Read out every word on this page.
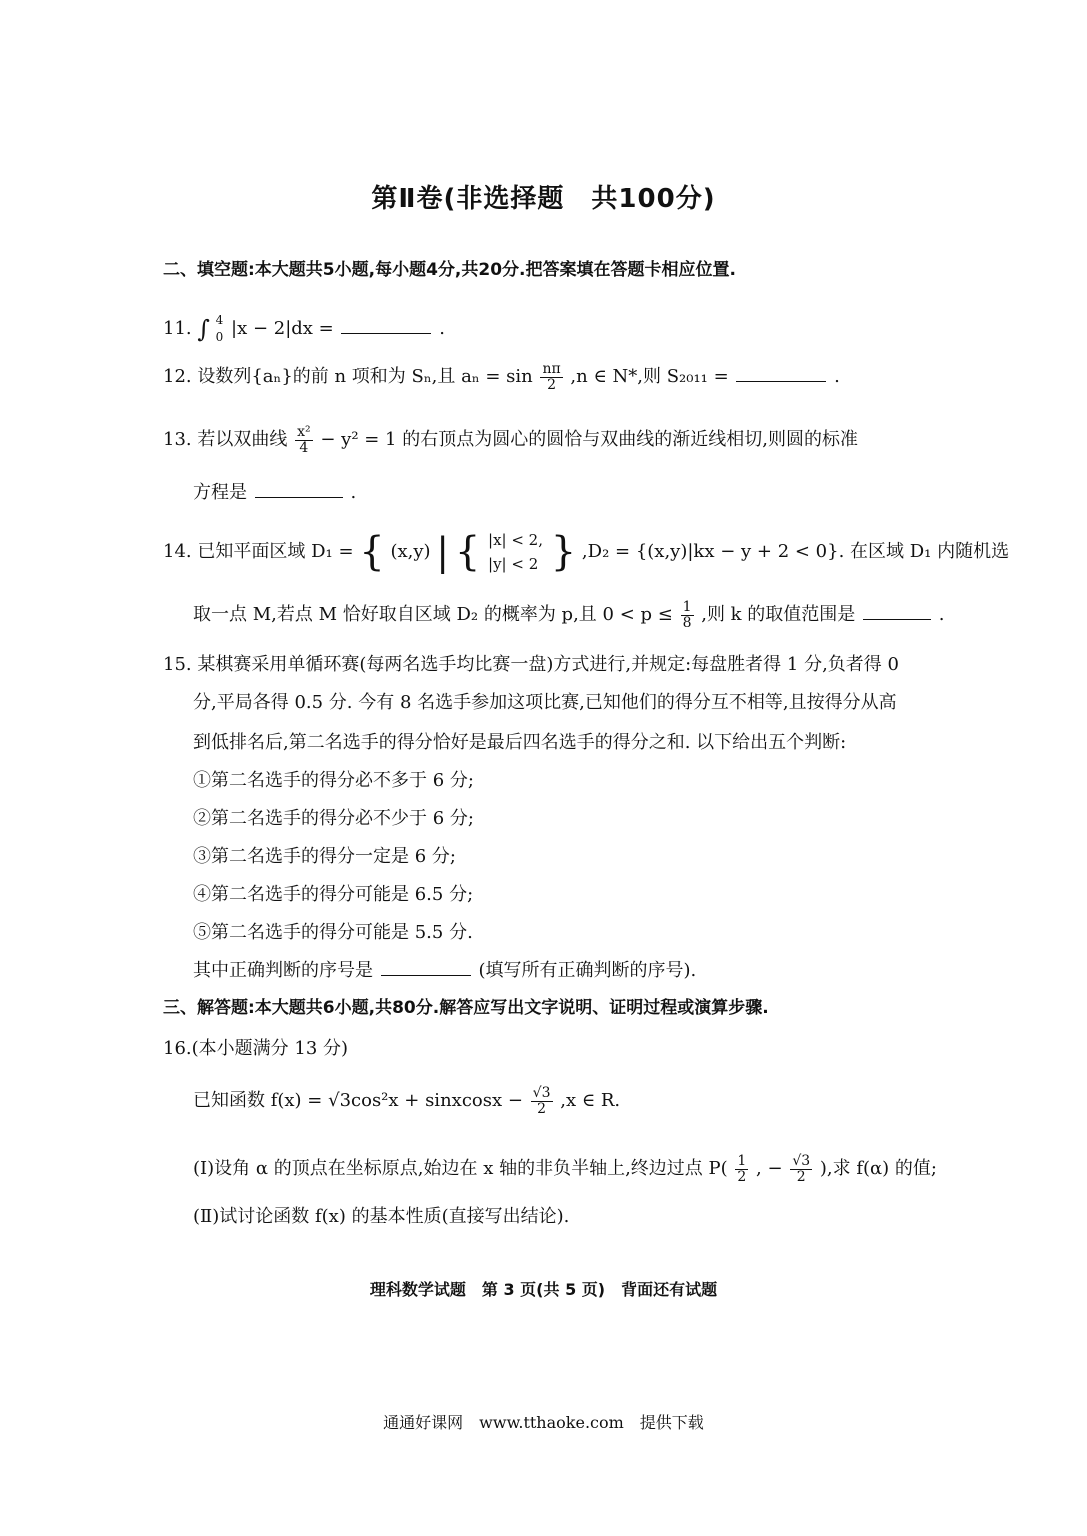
第Ⅱ卷(非选择题　共100分)
二、填空题:本大题共5小题,每小题4分,共20分.把答案填在答题卡相应位置.
11. ∫ 4
0 |x − 2|dx =	.
12. 设数列{aₙ}的前 n 项和为 Sₙ,且 $a_n = \sin \frac{n\pi}{2} ,n$ ∈ N*,则 S₂₀₁₁ =	.
13. 若以双曲线 $\frac{\text{x²}}{4} - y^2 = 1$ 的右顶点为圆心的圆恰与双曲线的渐近线相切,则圆的标准
方程是	.
14. 已知平面区域 D₁ = { (x,y) | { |x| < 2,
|y| < 2 } ,D₂ = {(x,y)|kx − y + 2 < 0}. 在区域 D₁ 内随机选
取一点 M,若点 M 恰好取自区域 D₂ 的概率为 p,且 $0 < p \le \frac{1}{8}$ ,则 k 的取值范围是	.
15. 某棋赛采用单循环赛(每两名选手均比赛一盘)方式进行,并规定:每盘胜者得 1 分,负者得 0
分,平局各得 0.5 分. 今有 8 名选手参加这项比赛,已知他们的得分互不相等,且按得分从高
到低排名后,第二名选手的得分恰好是最后四名选手的得分之和. 以下给出五个判断:
①第二名选手的得分必不多于 6 分;
②第二名选手的得分必不少于 6 分;
③第二名选手的得分一定是 6 分;
④第二名选手的得分可能是 6.5 分;
⑤第二名选手的得分可能是 5.5 分.
其中正确判断的序号是	(填写所有正确判断的序号).
三、解答题:本大题共6小题,共80分.解答应写出文字说明、证明过程或演算步骤.
16.(本小题满分 13 分)
已知函数 f(x) = √3cos²x + sinxcosx − $\frac{√3}{2} ,x$ ∈ R.
(Ⅰ)设角 α 的顶点在坐标原点,始边在 x 轴的非负半轴上,终边过点 $P( \frac{1}{2}$ , − $\frac{√3}{2}$ ),求 f(α) 的值;
(Ⅱ)试讨论函数 f(x) 的基本性质(直接写出结论).
理科数学试题　第 3 页(共 5 页)　背面还有试题
通通好课网　www.tthaoke.com　提供下载
